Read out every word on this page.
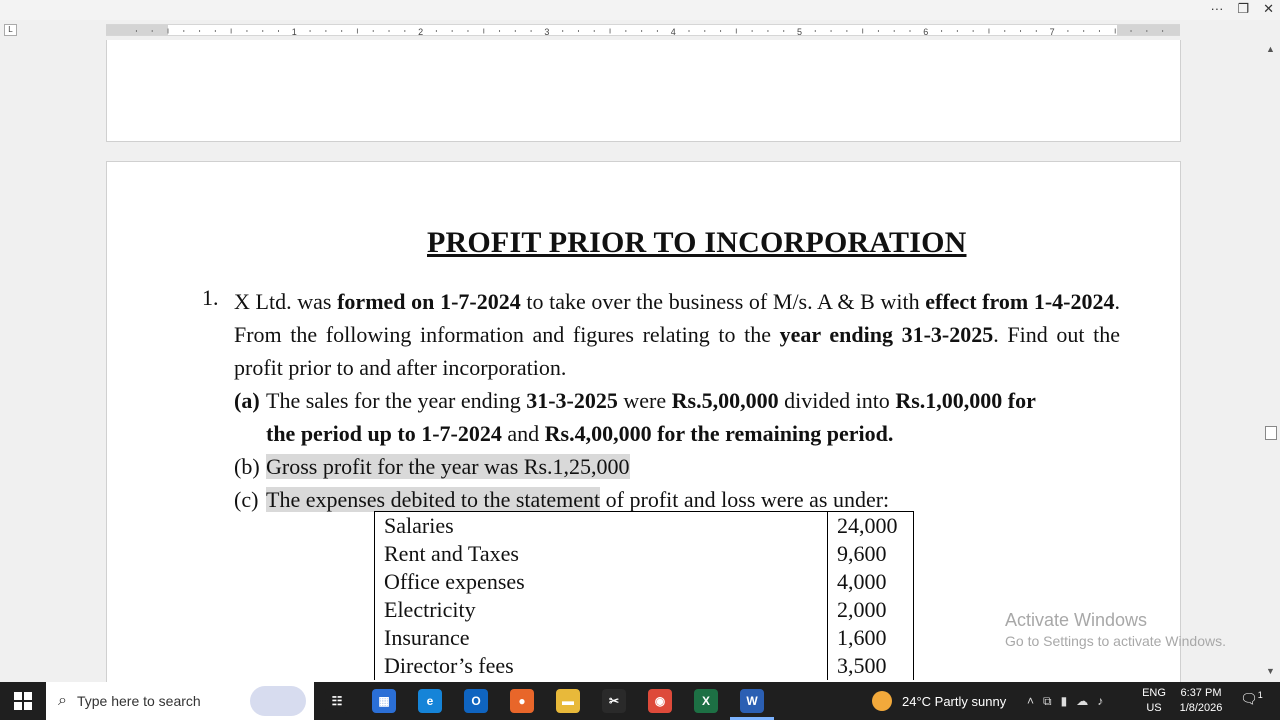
··· ❐ ✕
L	1	2	3	4	5	6	7
PROFIT PRIOR TO INCORPORATION
1. X Ltd. was formed on 1-7-2024 to take over the business of M/s. A & B with effect from 1-4-2024. From the following information and figures relating to the year ending 31-3-2025. Find out the profit prior to and after incorporation.
(a) The sales for the year ending 31-3-2025 were Rs.5,00,000 divided into Rs.1,00,000 for
the period up to 1-7-2024 and Rs.4,00,000 for the remaining period.
(b) Gross profit for the year was Rs.1,25,000
(c) The expenses debited to the statement of profit and loss were as under:
Salaries	24,000
Rent and Taxes	9,600
Office expenses	4,000
Electricity	2,000
Insurance	1,600
Director’s fees	3,500
▲
▼
Activate Windows
Go to Settings to activate Windows.
⌕ Type here to search	☷	▦	e	O	●	▬	✂	◉	X	W	24°C Partly sunny ˄ ⧉ ▮ ☁ ♪
ENG
US
6:37 PM
1/8/2026
🗨$^1$
